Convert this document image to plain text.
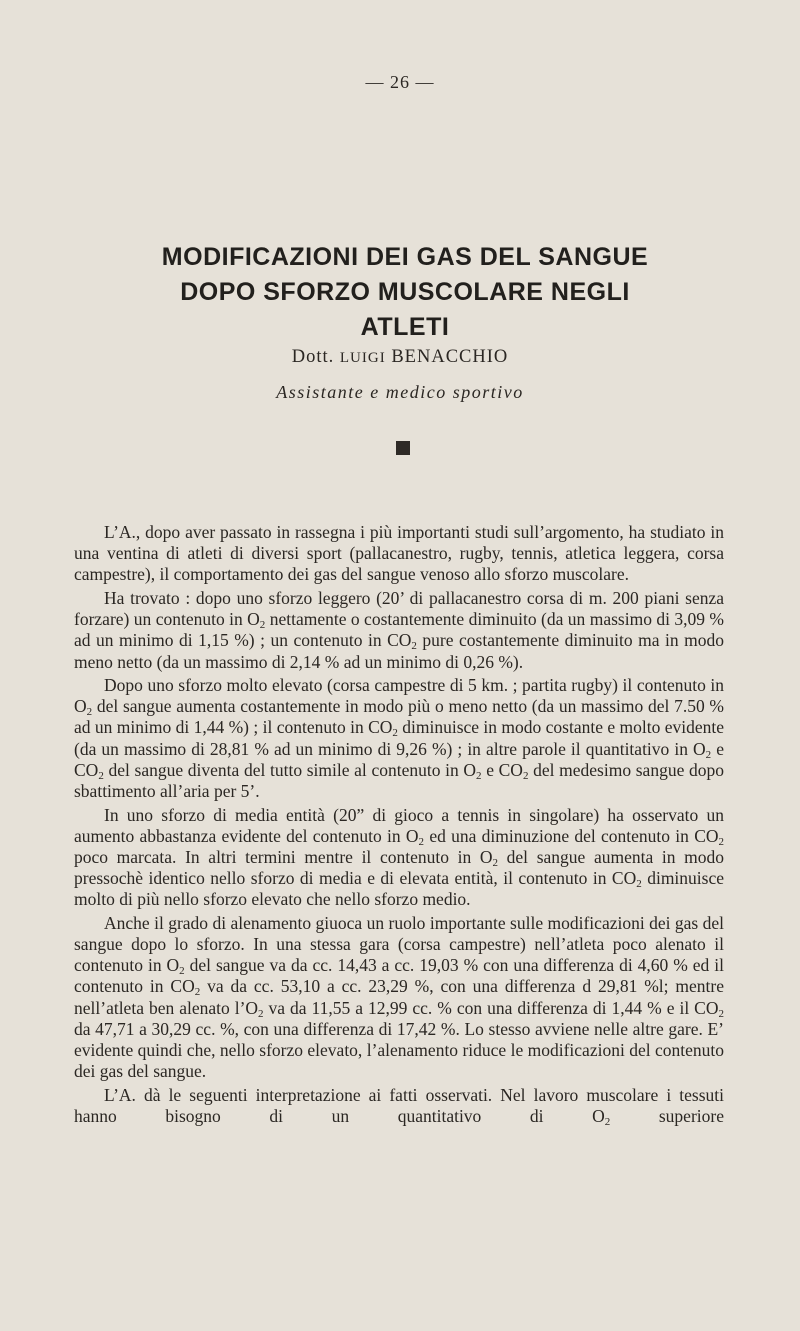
— 26 —
MODIFICAZIONI DEI GAS DEL SANGUE
DOPO SFORZO MUSCOLARE NEGLI
ATLETI
Dott. LUIGI BENACCHIO
Assistante e medico sportivo

L’A., dopo aver passato in rassegna i più importanti studi sull’argomento, ha studiato in una ventina di atleti di diversi sport (pallacanestro, rugby, tennis, atletica leggera, corsa campestre), il comportamento dei gas del sangue venoso allo sforzo muscolare.

Ha trovato : dopo uno sforzo leggero (20’ di pallacanestro corsa di m. 200 piani senza forzare) un contenuto in $O_2$ nettamente o costantemente diminuito (da un massimo di 3,09 % ad un minimo di 1,15 %) ; un contenuto in $CO_2$ pure costantemente diminuito ma in modo meno netto (da un massimo di 2,14 % ad un minimo di 0,26 %).

Dopo uno sforzo molto elevato (corsa campestre di 5 km. ; partita rugby) il contenuto in $O_2$ del sangue aumenta costantemente in modo più o meno netto (da un massimo del 7.50 % ad un minimo di 1,44 %) ; il contenuto in $CO_2$ diminuisce in modo costante e molto evidente (da un massimo di 28,81 % ad un minimo di 9,26 %) ; in altre parole il quantitativo in $O_2$ e $CO_2$ del sangue diventa del tutto simile al contenuto in $O_2$ e $CO_2$ del medesimo sangue dopo sbattimento all’aria per 5’.

In uno sforzo di media entità (20” di gioco a tennis in singolare) ha osservato un aumento abbastanza evidente del contenuto in $O_2$ ed una diminuzione del contenuto in $CO_2$ poco marcata. In altri termini mentre il contenuto in $O_2$ del sangue aumenta in modo pressochè identico nello sforzo di media e di elevata entità, il contenuto in $CO_2$ diminuisce molto di più nello sforzo elevato che nello sforzo medio.

Anche il grado di alenamento giuoca un ruolo importante sulle modificazioni dei gas del sangue dopo lo sforzo. In una stessa gara (corsa campestre) nell’atleta poco alenato il contenuto in $O_2$ del sangue va da cc. 14,43 a cc. 19,03 % con una differenza di 4,60 % ed il contenuto in $CO_2$ va da cc. 53,10 a cc. 23,29 %, con una differenza d 29,81 %l; mentre nell’atleta ben alenato $l’O_2$ va da 11,55 a 12,99 cc. % con una differenza di 1,44 % e il $CO_2$ da 47,71 a 30,29 cc. %, con una differenza di 17,42 %. Lo stesso avviene nelle altre gare. E’ evidente quindi che, nello sforzo elevato, l’alenamento riduce le modificazioni del contenuto dei gas del sangue.

L’A. dà le seguenti interpretazione ai fatti osservati. Nel lavoro muscolare i tessuti hanno bisogno di un quantitativo di $O_2$ superiore
